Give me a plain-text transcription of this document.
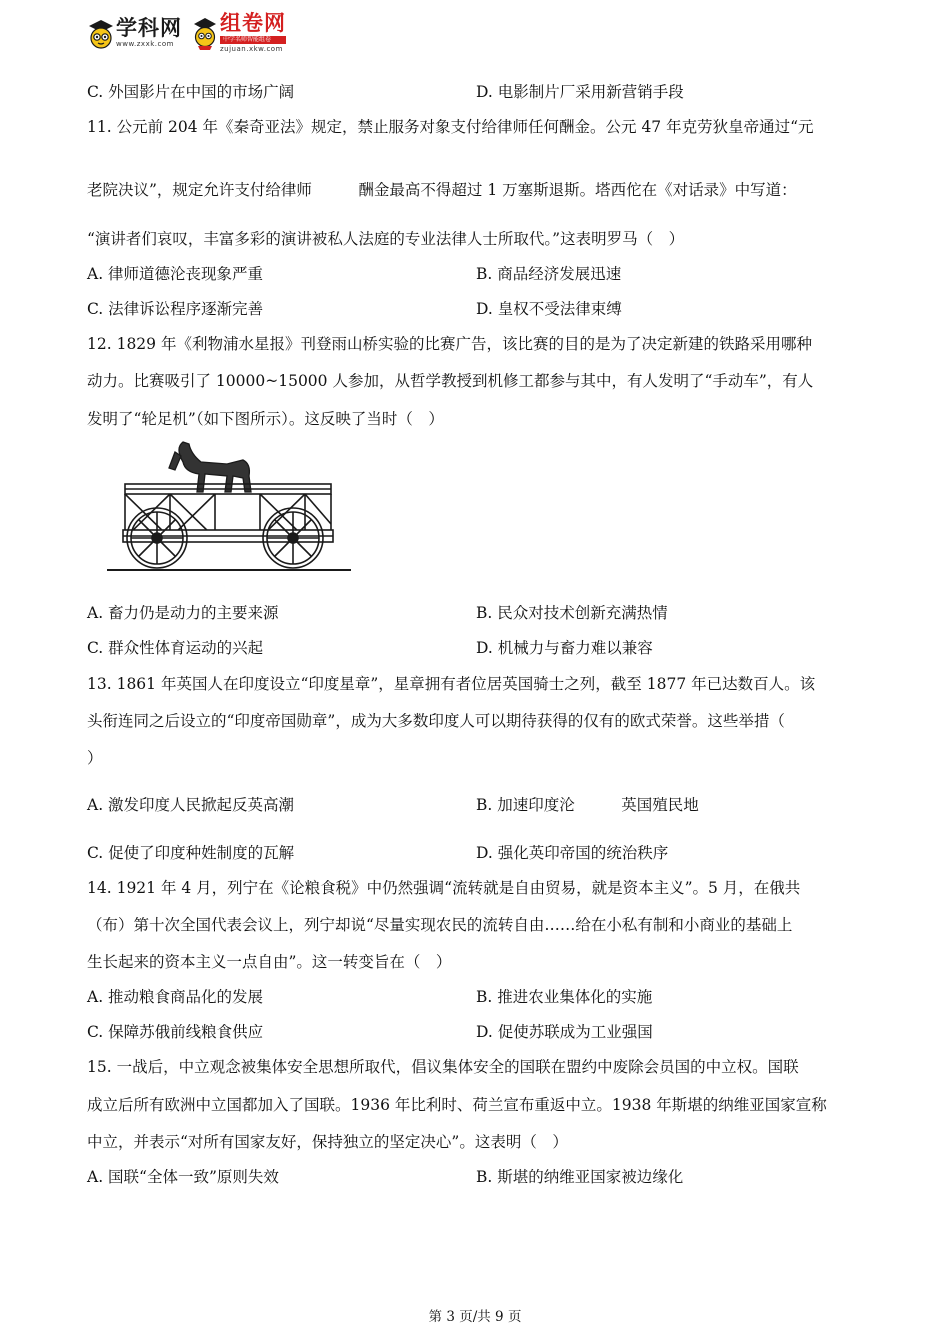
学科网
www.zxxk.com
组卷网
中学名师智能组卷
zujuan.xkw.com
C. 外国影片在中国的市场广阔	D. 电影制片厂采用新营销手段
11. 公元前 204 年《秦奇亚法》规定，禁止服务对象支付给律师任何酬金。公元 47 年克劳狄皇帝通过“元
老院决议”，规定允许支付给律师　　　酬金最高不得超过 1 万塞斯退斯。塔西佗在《对话录》中写道：
“演讲者们哀叹，丰富多彩的演讲被私人法庭的专业法律人士所取代。”这表明罗马（　）
A. 律师道德沦丧现象严重	B. 商品经济发展迅速
C. 法律诉讼程序逐渐完善	D. 皇权不受法律束缚
12. 1829 年《利物浦水星报》刊登雨山桥实验的比赛广告，该比赛的目的是为了决定新建的铁路采用哪种
动力。比赛吸引了 10000~15000 人参加，从哲学教授到机修工都参与其中，有人发明了“手动车”，有人
发明了“轮足机”（如下图所示）。这反映了当时（　）
A. 畜力仍是动力的主要来源	B. 民众对技术创新充满热情
C. 群众性体育运动的兴起	D. 机械力与畜力难以兼容
13. 1861 年英国人在印度设立“印度星章”，星章拥有者位居英国骑士之列，截至 1877 年已达数百人。该
头衔连同之后设立的“印度帝国勋章”，成为大多数印度人可以期待获得的仅有的欧式荣誉。这些举措（
）
A. 激发印度人民掀起反英高潮	B. 加速印度沦　　　英国殖民地
C. 促使了印度种姓制度的瓦解	D. 强化英印帝国的统治秩序
14. 1921 年 4 月，列宁在《论粮食税》中仍然强调“流转就是自由贸易，就是资本主义”。5 月，在俄共
（布）第十次全国代表会议上，列宁却说“尽量实现农民的流转自由……给在小私有制和小商业的基础上
生长起来的资本主义一点自由”。这一转变旨在（　）
A. 推动粮食商品化的发展	B. 推进农业集体化的实施
C. 保障苏俄前线粮食供应	D. 促使苏联成为工业强国
15. 一战后，中立观念被集体安全思想所取代，倡议集体安全的国联在盟约中废除会员国的中立权。国联
成立后所有欧洲中立国都加入了国联。1936 年比利时、荷兰宣布重返中立。1938 年斯堪的纳维亚国家宣称
中立，并表示“对所有国家友好，保持独立的坚定决心”。这表明（　）
A. 国联“全体一致”原则失效	B. 斯堪的纳维亚国家被边缘化
第 3 页/共 9 页
